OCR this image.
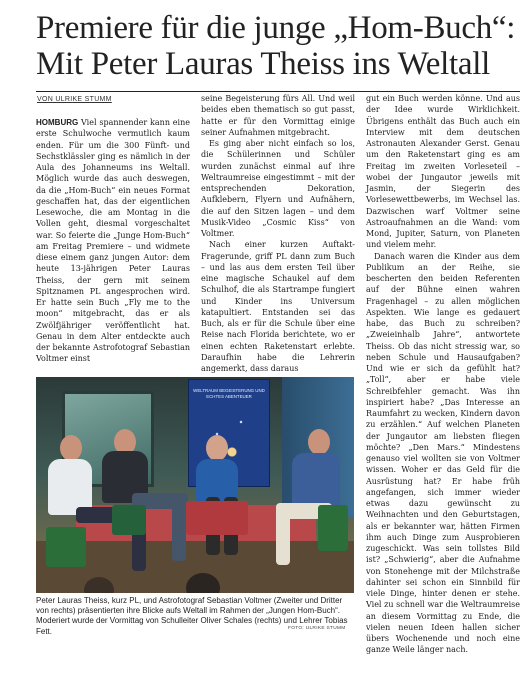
Premiere für die junge „Hom-Buch“:
Mit Peter Lauras Theiss ins Weltall
VON ULRIKE STUMM

HOMBURG Viel spannender kann eine erste Schulwoche vermutlich kaum enden. Für um die 300 Fünft- und Sechstklässler ging es nämlich in der Aula des Johanneums ins Weltall. Möglich wurde das auch deswegen, da die „Hom-Buch“ ein neues Format geschaffen hat, das der eigentlichen Lesewoche, die am Montag in die Vollen geht, diesmal vorgeschaltet war. So feierte die „Junge Hom-Buch“ am Freitag Premiere – und widmete diese einem ganz jungen Autor: dem heute 13-jährigen Peter Lauras Theiss, der gern mit seinem Spitznamen PL angesprochen wird. Er hatte sein Buch „Fly me to the moon“ mitgebracht, das er als Zwölfjähriger veröffentlicht hat. Genau in dem Alter entdeckte auch der bekannte Astrofotograf Sebastian Voltmer einst

seine Begeisterung fürs All. Und weil beides eben thematisch so gut passt, hatte er für den Vormittag einige seiner Aufnahmen mitgebracht.

Es ging aber nicht einfach so los, die Schülerinnen und Schüler wurden zunächst einmal auf ihre Weltraumreise eingestimmt – mit der entsprechenden Dekoration, Aufklebern, Flyern und Aufnähern, die auf den Sitzen lagen – und dem Musik-Video „Cosmic Kiss“ von Voltmer.

Nach einer kurzen Auftakt-Fragerunde, griff PL dann zum Buch – und las aus dem ersten Teil über eine magische Schaukel auf dem Schulhof, die als Startrampe fungiert und Kinder ins Universum katapultiert. Entstanden sei das Buch, als er für die Schule über eine Reise nach Florida berichtete, wo er einen echten Raketenstart erlebte. Daraufhin habe die Lehrerin angemerkt, dass daraus

gut ein Buch werden könne. Und aus der Idee wurde Wirklichkeit. Übrigens enthält das Buch auch ein Interview mit dem deutschen Astronauten Alexander Gerst. Genau um den Raketenstart ging es am Freitag im zweiten Vorleseteil – wobei der Jungautor jeweils mit Jasmin, der Siegerin des Vorlesewettbewerbs, im Wechsel las. Dazwischen warf Voltmer seine Astroaufnahmen an die Wand: vom Mond, Jupiter, Saturn, von Planeten und vielem mehr.

Danach waren die Kinder aus dem Publikum an der Reihe, sie bescherten den beiden Referenten auf der Bühne einen wahren Fragenhagel – zu allen möglichen Aspekten. Wie lange es gedauert habe, das Buch zu schreiben? „Zweieinhalb Jahre“, antwortete Theiss. Ob das nicht stressig war, so neben Schule und Hausaufgaben? Und wie er sich da gefühlt hat? „Toll“, aber er habe viele Schreibfehler gemacht. Was ihn inspiriert habe? „Das Interesse an Raumfahrt zu wecken, Kindern davon zu erzählen.“ Auf welchen Planeten der Jungautor am liebsten fliegen möchte? „Den Mars.“ Mindestens genauso viel wollten sie von Voltmer wissen. Woher er das Geld für die Ausrüstung hat? Er habe früh angefangen, sich immer wieder etwas dazu gewünscht zu Weihnachten und den Geburtstagen, als er bekannter war, hätten Firmen ihm auch Dinge zum Ausprobieren zugeschickt. Was sein tollstes Bild ist? „Schwierig“, aber die Aufnahme von Stonehenge mit der Milchstraße dahinter sei schon ein Sinnbild für viele Dinge, hinter denen er stehe. Viel zu schnell war die Weltraumreise an diesem Vormittag zu Ende, die vielen neuen Ideen hallen sicher übers Wochenende und noch eine ganze Weile länger nach.

WELTRAUM BEGEISTERUNG UND ECHTES ABENTEUER
Peter Lauras Theiss, kurz PL, und Astrofotograf Sebastian Voltmer (Zweiter und Dritter von rechts) präsentierten ihre Blicke aufs Weltall im Rahmen der „Jungen Hom-Buch“. Moderiert wurde der Vormittag von Schulleiter Oliver Schales (rechts) und Lehrer Tobias Fett.	FOTO: ULRIKE STUMM
